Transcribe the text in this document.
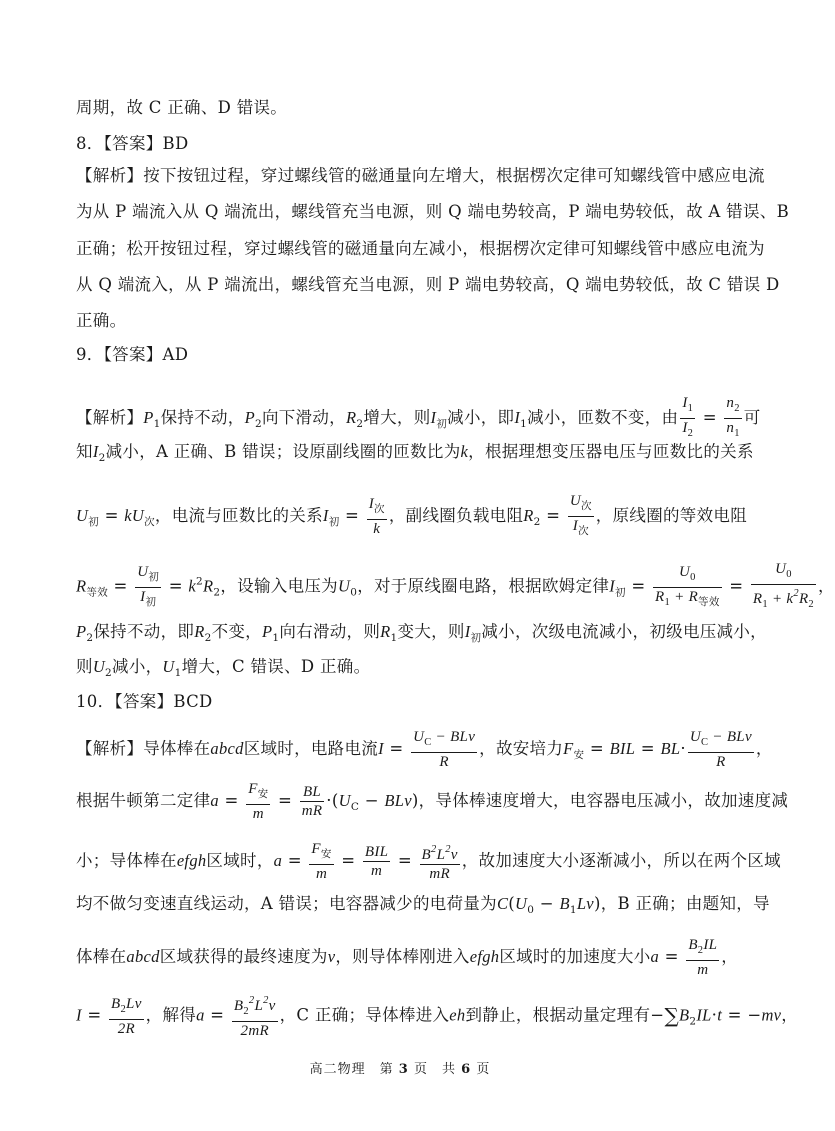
周期，故 C 正确、D 错误。
8．【答案】BD
【解析】按下按钮过程，穿过螺线管的磁通量向左增大，根据楞次定律可知螺线管中感应电流
为从 P 端流入从 Q 端流出，螺线管充当电源，则 Q 端电势较高，P 端电势较低，故 A 错误、B
正确；松开按钮过程，穿过螺线管的磁通量向左减小，根据楞次定律可知螺线管中感应电流为
从 Q 端流入，从 P 端流出，螺线管充当电源，则 P 端电势较高，Q 端电势较低，故 C 错误 D
正确。
9．【答案】AD
【解析】$P_1$保持不动，$P_2$向下滑动，$R_2$增大，则$I_初$减小，即$I_1$减小，匝数不变，由 $\frac{I_1}{I_2} = \frac{n_2}{n_1}$ 可
知$I_2$减小，A 正确、B 错误；设原副线圈的匝数比为k，根据理想变压器电压与匝数比的关系
$U_初 = kU_次$，电流与匝数比的关系$I_初 = \frac{I_次}{k}$ ，副线圈负载电阻$R_2 = \frac{U_次}{I_次}$ ，原线圈的等效电阻
$R_{等效} = \frac{U_初}{I_初} = k^2R_2$，设输入电压为$U_0$，对于原线圈电路，根据欧姆定律$I_初 = \frac{U_0}{R_1 + R_{等效}} = \frac{U_0}{R_1 + k^2R_2}$ ，
$P_2$保持不动，即$R_2$不变，$P_1$向右滑动，则$R_1$变大，则$I_初$减小，次级电流减小，初级电压减小，
则$U_2$减小，$U_1$增大，C 错误、D 正确。
10．【答案】BCD
【解析】导体棒在abcd区域时，电路电流$I = \frac{U_C - BLv}{R}$ ，故安培力$F_安$ = BIL = $BL\cdot \frac{U_C - BLv}{R}$ ，
根据牛顿第二定律$a = \frac{F_安}{m} = \frac{BL}{mR} \cdot(U_C - BLv)$，导体棒速度增大，电容器电压减小，故加速度减
小；导体棒在efgh区域时，$a = \frac{F_安}{m} = \frac{\text{BIL}}{m} = \frac{B^2L^2v}{mR}$ ，故加速度大小逐渐减小，所以在两个区域
均不做匀变速直线运动，A 错误；电容器减少的电荷量为$C(U_0 - B_1Lv)$，B 正确；由题知，导
体棒在abcd区域获得的最终速度为v，则导体棒刚进入efgh区域时的加速度大小$a = \frac{B_2IL}{m}$ ，
$I = \frac{B_2Lv}{2R}$ ，解得$a = \frac{B_2^2L^2v}{2mR}$ ，C 正确；导体棒进入eh到静止，根据动量定理有$-\sum B_2IL\cdot t = -mv$，
高二物理　第 3 页　共 6 页
